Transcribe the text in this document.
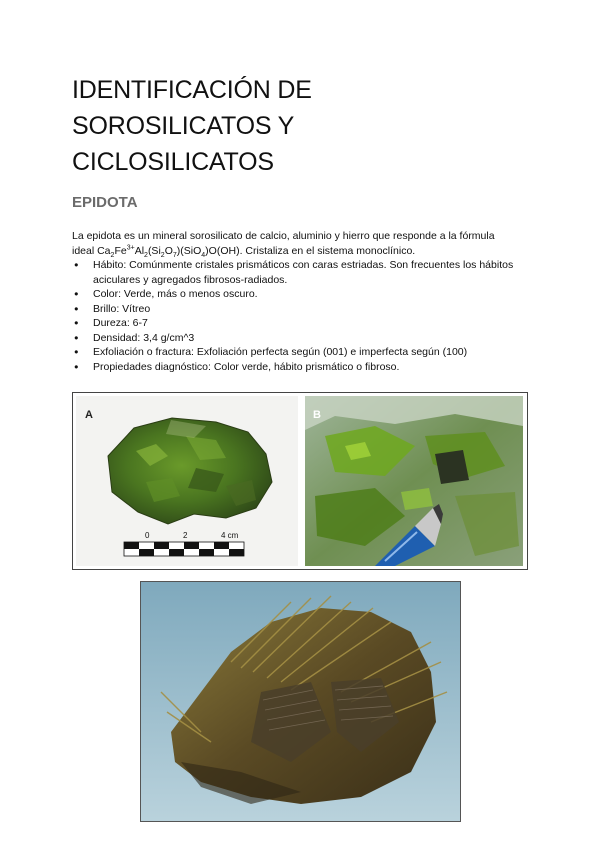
IDENTIFICACIÓN DE
SOROSILICATOS Y
CICLOSILICATOS
EPIDOTA

La epidota es un mineral sorosilicato de calcio, aluminio y hierro que responde a la fórmula
ideal $Ca_2Fe^{3+}Al_2(Si_2O_7)(SiO_4)O(OH)$. Cristaliza en el sistema monoclínico.

● Hábito: Comúnmente cristales prismáticos con caras estriadas. Son frecuentes los hábitos aciculares y agregados fibrosos-radiados.
● Color: Verde, más o menos oscuro.
● Brillo: Vítreo
● Dureza: 6-7
● Densidad: 3,4 g/cm^3
● Exfoliación o fractura: Exfoliación perfecta según (001) e imperfecta según (100)
● Propiedades diagnóstico: Color verde, hábito prismático o fibroso.
A
0	2	4 cm
B
